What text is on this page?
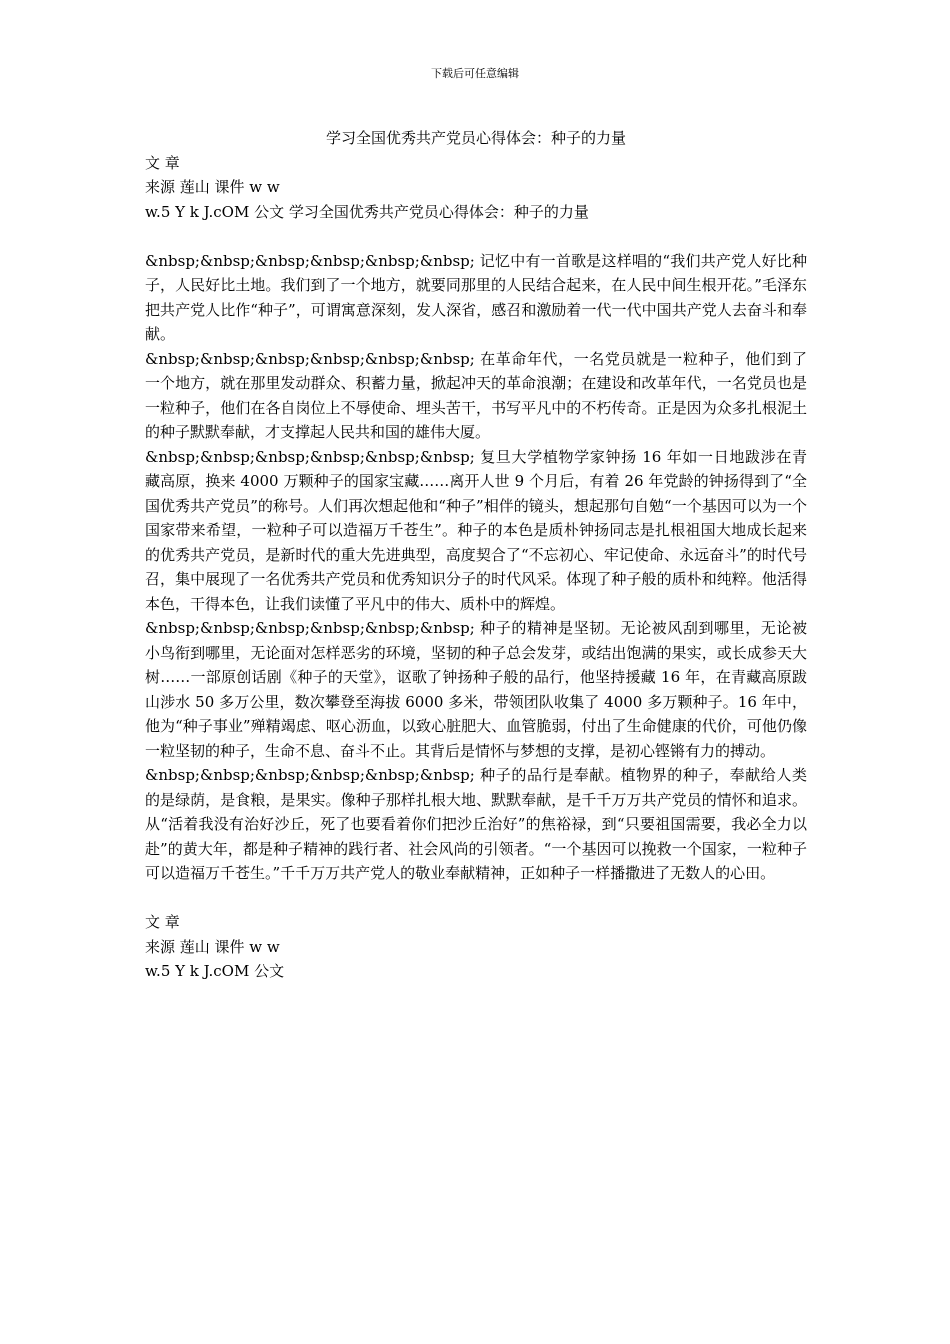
下载后可任意编辑
学习全国优秀共产党员心得体会：种子的力量

文 章

来源 莲山 课件 w w

w.5 Y k J.cOM 公文 学习全国优秀共产党员心得体会：种子的力量

&nbsp;&nbsp;&nbsp;&nbsp;&nbsp;&nbsp; 记忆中有一首歌是这样唱的“我们共产党人好比种子，人民好比土地。我们到了一个地方，就要同那里的人民结合起来，在人民中间生根开花。”毛泽东把共产党人比作“种子”，可谓寓意深刻，发人深省，感召和激励着一代一代中国共产党人去奋斗和奉献。

&nbsp;&nbsp;&nbsp;&nbsp;&nbsp;&nbsp; 在革命年代，一名党员就是一粒种子，他们到了一个地方，就在那里发动群众、积蓄力量，掀起冲天的革命浪潮；在建设和改革年代，一名党员也是一粒种子，他们在各自岗位上不辱使命、埋头苦干，书写平凡中的不朽传奇。正是因为众多扎根泥土的种子默默奉献，才支撑起人民共和国的雄伟大厦。

&nbsp;&nbsp;&nbsp;&nbsp;&nbsp;&nbsp; 复旦大学植物学家钟扬 16 年如一日地跋涉在青藏高原，换来 4000 万颗种子的国家宝藏……离开人世 9 个月后，有着 26 年党龄的钟扬得到了“全国优秀共产党员”的称号。人们再次想起他和“种子”相伴的镜头，想起那句自勉“一个基因可以为一个国家带来希望，一粒种子可以造福万千苍生”。种子的本色是质朴钟扬同志是扎根祖国大地成长起来的优秀共产党员，是新时代的重大先进典型，高度契合了“不忘初心、牢记使命、永远奋斗”的时代号召，集中展现了一名优秀共产党员和优秀知识分子的时代风采。体现了种子般的质朴和纯粹。他活得本色，干得本色，让我们读懂了平凡中的伟大、质朴中的辉煌。

&nbsp;&nbsp;&nbsp;&nbsp;&nbsp;&nbsp; 种子的精神是坚韧。无论被风刮到哪里，无论被小鸟衔到哪里，无论面对怎样恶劣的环境，坚韧的种子总会发芽，或结出饱满的果实，或长成参天大树……一部原创话剧《种子的天堂》，讴歌了钟扬种子般的品行，他坚持援藏 16 年，在青藏高原跋山涉水 50 多万公里，数次攀登至海拔 6000 多米，带领团队收集了 4000 多万颗种子。16 年中，他为“种子事业”殚精竭虑、呕心沥血，以致心脏肥大、血管脆弱，付出了生命健康的代价，可他仍像一粒坚韧的种子，生命不息、奋斗不止。其背后是情怀与梦想的支撑，是初心铿锵有力的搏动。

&nbsp;&nbsp;&nbsp;&nbsp;&nbsp;&nbsp; 种子的品行是奉献。植物界的种子，奉献给人类的是绿荫，是食粮，是果实。像种子那样扎根大地、默默奉献，是千千万万共产党员的情怀和追求。从“活着我没有治好沙丘，死了也要看着你们把沙丘治好”的焦裕禄，到“只要祖国需要，我必全力以赴”的黄大年，都是种子精神的践行者、社会风尚的引领者。“一个基因可以挽救一个国家，一粒种子可以造福万千苍生。”千千万万共产党人的敬业奉献精神，正如种子一样播撒进了无数人的心田。

文 章

来源 莲山 课件 w w

w.5 Y k J.cOM 公文
